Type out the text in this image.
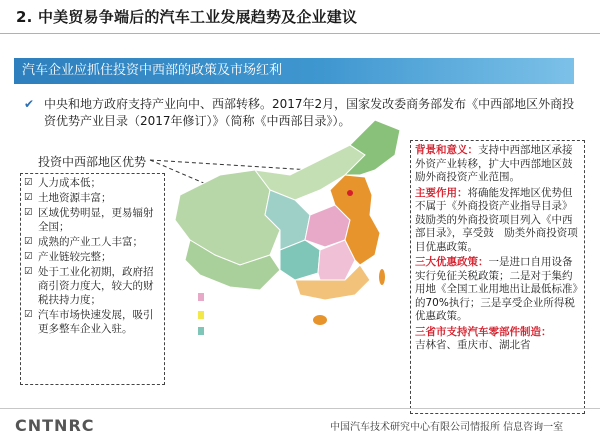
2. 中美贸易争端后的汽车工业发展趋势及企业建议
汽车企业应抓住投资中西部的政策及市场红利
✔ 中央和地方政府支持产业向中、西部转移。2017年2月，国家发改委商务部发布《中西部地区外商投资优势产业目录（2017年修订）》（简称《中西部目录》）。
投资中西部地区优势
☑ 人力成本低；
☑ 土地资源丰富；
☑ 区域优势明显，更易辐射全国；
☑ 成熟的产业工人丰富；
☑ 产业链较完整；
☑ 处于工业化初期，政府招商引资力度大，较大的财税扶持力度；
☑ 汽车市场快速发展，吸引更多整车企业入驻。

背景和意义：支持中西部地区承接外资产业转移，扩大中西部地区鼓励外商投资产业范围。

主要作用：将确能发挥地区优势但不属于《外商投资产业指导目录》鼓励类的外商投资项目列入《中西部目录》，享受鼓　励类外商投资项目优惠政策。

三大优惠政策：一是进口自用设备实行免征关税政策；二是对于集约用地《全国工业用地出让最低标准》的70%执行；三是享受企业所得税优惠政策。

三省市支持汽车零部件制造：
吉林省、重庆市、湖北省

CNTNRC	中国汽车技术研究中心有限公司情报所 信息咨询一室
